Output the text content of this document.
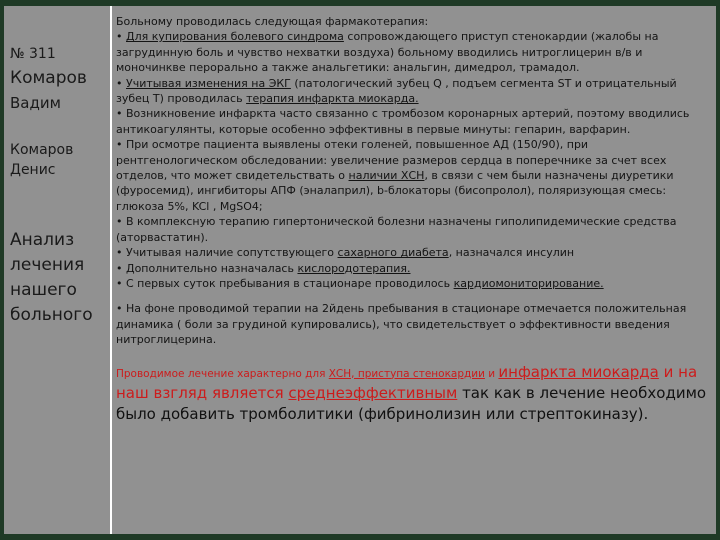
№ 311
Комаров
Вадим
Комаров Денис
Анализ лечения нашего больного

Больному проводилась следующая фармакотерапия:

• Для купирования болевого синдрома сопровождающего приступ стенокардии (жалобы на загрудинную боль и чувство нехватки воздуха) больному вводились нитроглицерин в/в и моночинкве перорально а также анальгетики: анальгин, димедрол, трамадол.

• Учитывая изменения на ЭКГ (патологический зубец Q , подъем сегмента ST и отрицательный зубец T) проводилась терапия инфаркта миокарда.

• Возникновение инфаркта часто связанно с тромбозом коронарных артерий, поэтому вводились антикоагулянты, которые особенно эффективны в первые минуты: гепарин, варфарин.

• При осмотре пациента выявлены отеки голеней, повышенное АД (150/90), при рентгенологическом обследовании: увеличение размеров сердца в поперечнике за счет всех отделов, что может свидетельствать о наличии ХСН, в связи с чем были назначены диуретики (фуросемид), ингибиторы АПФ (эналаприл), b-блокаторы (бисопролол), поляризующая смесь: глюкоза 5%, KCl , MgSO4;

• В комплексную терапию гипертонической болезни назначены гиполипидемические средства (аторвастатин).

• Учитывая наличие сопутствующего сахарного диабета, назначался инсулин

• Дополнительно назначалась кислородотерапия.

• С первых суток пребывания в стационаре проводилось кардиомониторирование.

• На фоне проводимой терапии на 2йдень пребывания в стационаре отмечается положительная динамика ( боли за грудиной купировались), что свидетельствует о эффективности введения нитроглицерина.

Проводимое лечение характерно для ХСН, приступа стенокардии и инфаркта миокарда и на наш взгляд является среднеэффективным так как в лечение необходимо было добавить тромболитики (фибринолизин или стрептокиназу).
